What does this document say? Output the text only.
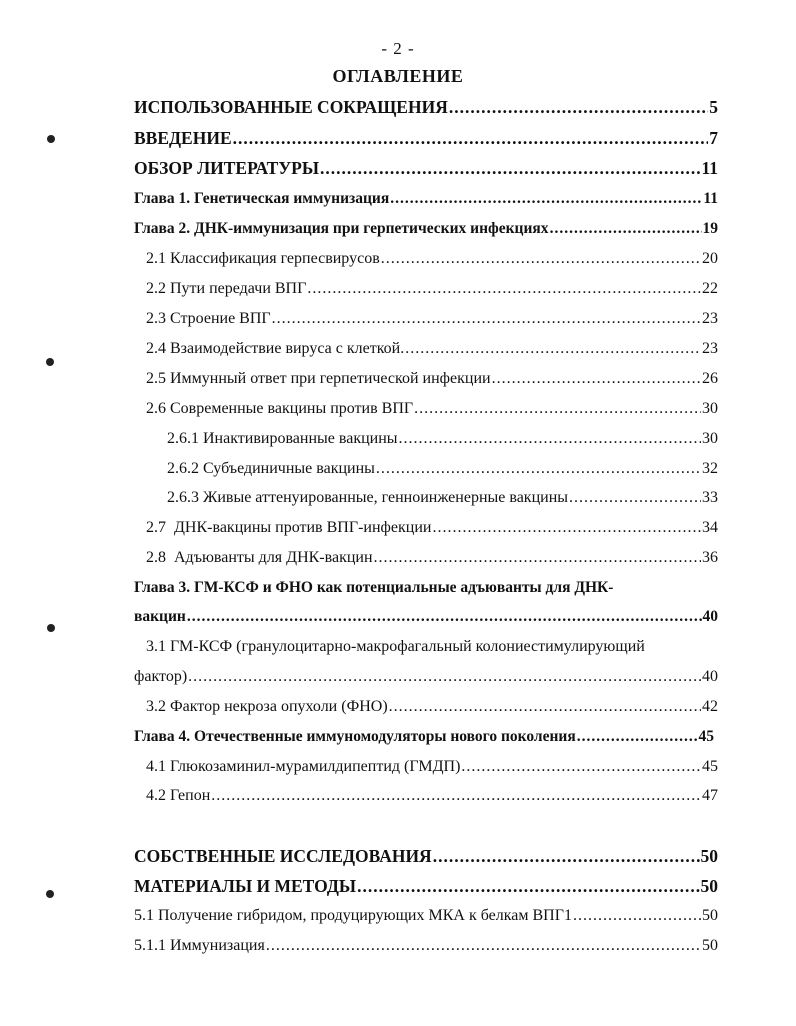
- 2 -
ОГЛАВЛЕНИЕ
ИСПОЛЬЗОВАННЫЕ СОКРАЩЕНИЯ .....	5
ВВЕДЕНИЕ .....	7
ОБЗОР ЛИТЕРАТУРЫ .....	11
Глава 1. Генетическая иммунизация .....	11
Глава 2. ДНК-иммунизация при герпетических инфекциях .....	19
2.1 Классификация герпесвирусов .....	20
2.2 Пути передачи ВПГ .....	22
2.3 Строение ВПГ .....	23
2.4 Взаимодействие вируса с клеткой. .....	23
2.5 Иммунный ответ при герпетической инфекции .....	26
2.6 Современные вакцины против ВПГ .....	30
2.6.1 Инактивированные вакцины .....	30
2.6.2 Субъединичные вакцины .....	32
2.6.3 Живые аттенуированные, генноинженерные вакцины .....	33
2.7  ДНК-вакцины против ВПГ-инфекции .....	34
2.8  Адъюванты для ДНК-вакцин .....	36
Глава 3. ГМ-КСФ и ФНО как потенциальные адъюванты для ДНК-
вакцин .....	40
3.1 ГМ-КСФ (гранулоцитарно-макрофагальный колониестимулирующий
фактор) .....	40
3.2 Фактор некроза опухоли (ФНО) .....	42
Глава 4. Отечественные иммуномодуляторы нового поколения .....	45
4.1 Глюкозаминил-мурамилдипептид (ГМДП) .....	45
4.2 Гепон .....	47
СОБСТВЕННЫЕ ИССЛЕДОВАНИЯ .....	50
МАТЕРИАЛЫ И МЕТОДЫ .....	50
5.1 Получение гибридом, продуцирующих МКА к белкам ВПГ1 .....	50
5.1.1 Иммунизация .....	50
